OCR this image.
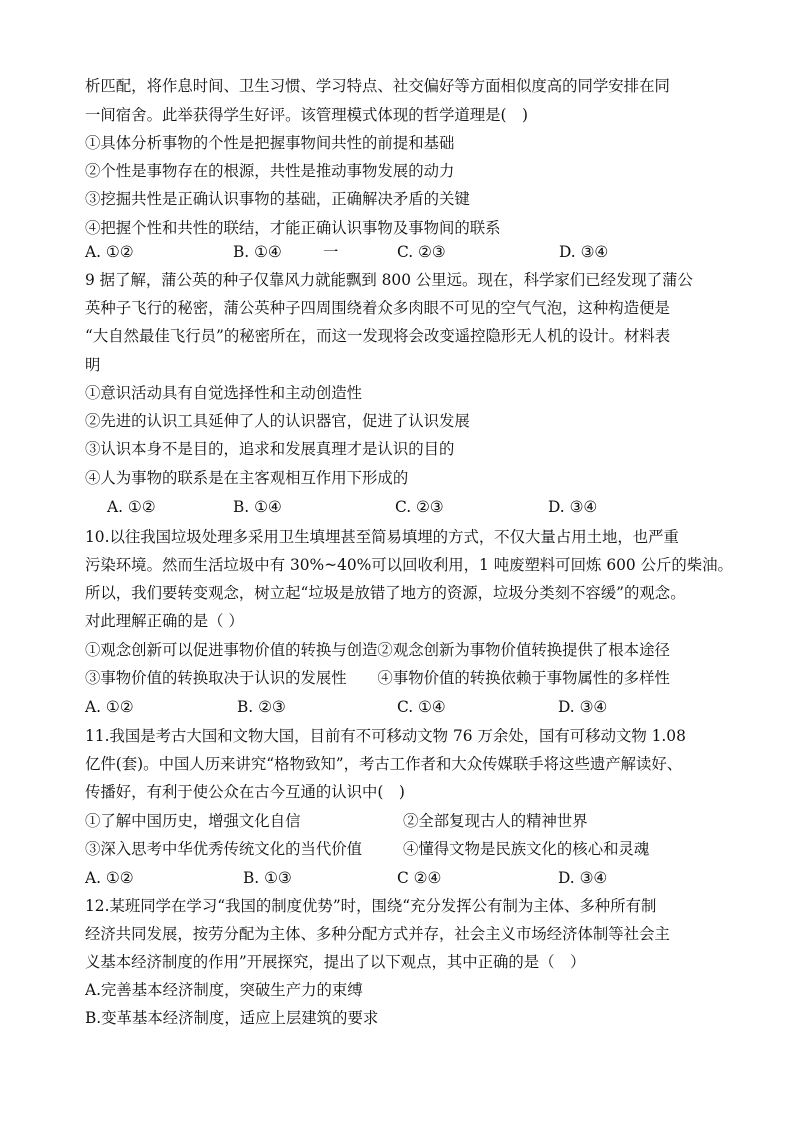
析匹配，将作息时间、卫生习惯、学习特点、社交偏好等方面相似度高的同学安排在同
一间宿舍。此举获得学生好评。该管理模式体现的哲学道理是(　)
①具体分析事物的个性是把握事物间共性的前提和基础
②个性是事物存在的根源，共性是推动事物发展的动力
③挖掘共性是正确认识事物的基础，正确解决矛盾的关键
④把握个性和共性的联结，才能正确认识事物及事物间的联系
A. ①②	B. ①④	一	C. ②③	D. ③④
9 据了解，蒲公英的种子仅靠风力就能飘到 800 公里远。现在，科学家们已经发现了蒲公
英种子飞行的秘密，蒲公英种子四周围绕着众多肉眼不可见的空气气泡，这种构造便是
“大自然最佳飞行员”的秘密所在，而这一发现将会改变遥控隐形无人机的设计。材料表
明
①意识活动具有自觉选择性和主动创造性
②先进的认识工具延伸了人的认识器官，促进了认识发展
③认识本身不是目的，追求和发展真理才是认识的目的
④人为事物的联系是在主客观相互作用下形成的
A. ①②	B. ①④	C. ②③	D. ③④
10.以往我国垃圾处理多采用卫生填埋甚至简易填埋的方式，不仅大量占用土地，也严重
污染环境。然而生活垃圾中有 30%~40%可以回收利用，1 吨废塑料可回炼 600 公斤的柴油。
所以，我们要转变观念，树立起“垃圾是放错了地方的资源，垃圾分类刻不容缓”的观念。
对此理解正确的是（ ）
①观念创新可以促进事物价值的转换与创造②观念创新为事物价值转换提供了根本途径
③事物价值的转换取决于认识的发展性　　④事物价值的转换依赖于事物属性的多样性
A. ①②	B. ②③	C. ①④	D. ③④
11.我国是考古大国和文物大国，目前有不可移动文物 76 万余处，国有可移动文物 1.08
亿件(套)。中国人历来讲究“格物致知”，考古工作者和大众传媒联手将这些遗产解读好、
传播好，有利于使公众在古今互通的认识中(　)
①了解中国历史，增强文化自信	②全部复现古人的精神世界
③深入思考中华优秀传统文化的当代价值	④懂得文物是民族文化的核心和灵魂
A. ①②	B. ①③	C ②④	D. ③④
12.某班同学在学习“我国的制度优势”时，围绕“充分发挥公有制为主体、多种所有制
经济共同发展，按劳分配为主体、多种分配方式并存，社会主义市场经济体制等社会主
义基本经济制度的作用”开展探究，提出了以下观点，其中正确的是（　）
A.完善基本经济制度，突破生产力的束缚
B.变革基本经济制度，适应上层建筑的要求
